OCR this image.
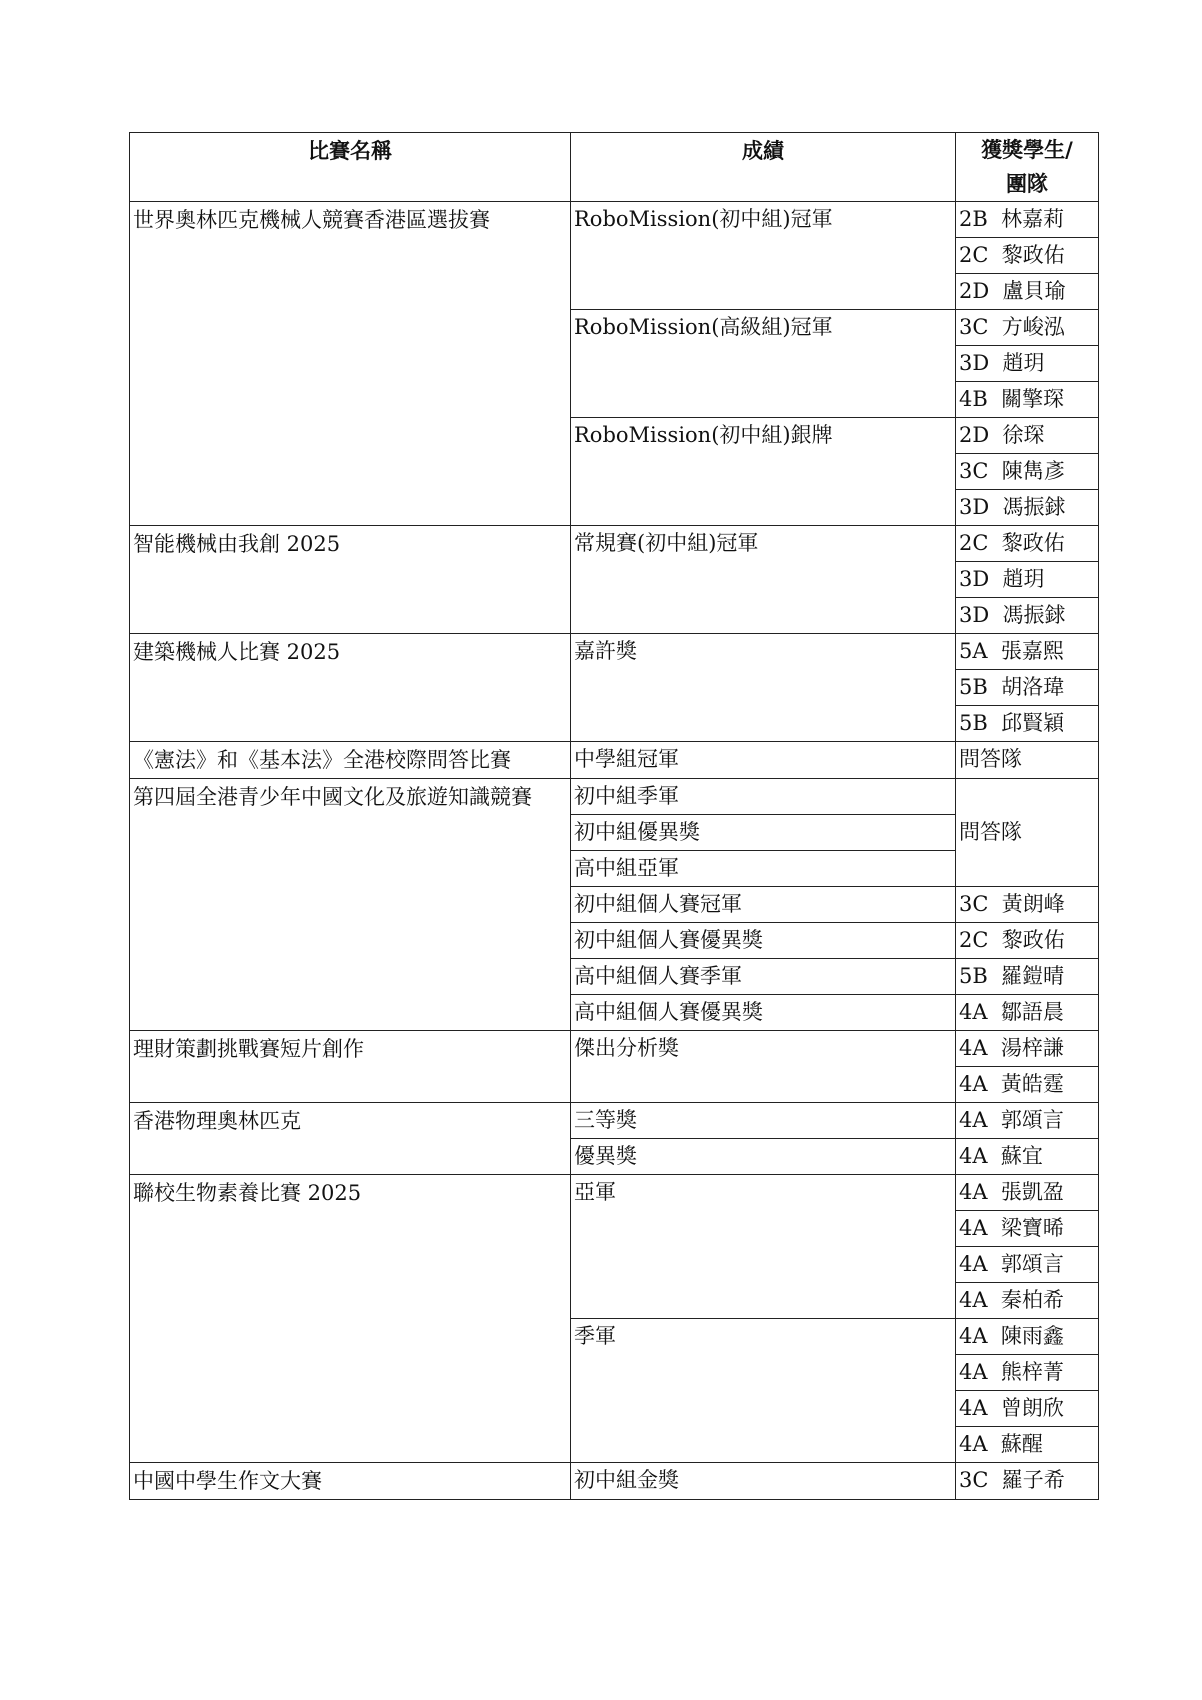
比賽名稱	成績	獲獎學生/
團隊
世界奧林匹克機械人競賽香港區選拔賽	RoboMission(初中組)冠軍	2B  林嘉莉
		2C  黎政佑
		2D  盧貝瑜
	RoboMission(高級組)冠軍	3C  方峻泓
		3D  趙玥
		4B  關擎琛
	RoboMission(初中組)銀牌	2D  徐琛
		3C  陳雋彥
		3D  馮振銶
智能機械由我創 2025	常規賽(初中組)冠軍	2C  黎政佑
		3D  趙玥
		3D  馮振銶
建築機械人比賽 2025	嘉許獎	5A  張嘉熙
		5B  胡洛瑋
		5B  邱賢穎
《憲法》和《基本法》全港校際問答比賽	中學組冠軍	問答隊
第四屆全港青少年中國文化及旅遊知識競賽	初中組季軍	問答隊
	初中組優異獎	
	高中組亞軍	
	初中組個人賽冠軍	3C  黃朗峰
	初中組個人賽優異獎	2C  黎政佑
	高中組個人賽季軍	5B  羅鎧晴
	高中組個人賽優異獎	4A  鄒語晨
理財策劃挑戰賽短片創作	傑出分析獎	4A  湯梓謙
		4A  黃皓霆
香港物理奧林匹克	三等獎	4A  郭頌言
	優異獎	4A  蘇宜
聯校生物素養比賽 2025	亞軍	4A  張凱盈
		4A  梁寶晞
		4A  郭頌言
		4A  秦柏希
	季軍	4A  陳雨鑫
		4A  熊梓菁
		4A  曾朗欣
		4A  蘇醒
中國中學生作文大賽	初中組金獎	3C  羅子希
